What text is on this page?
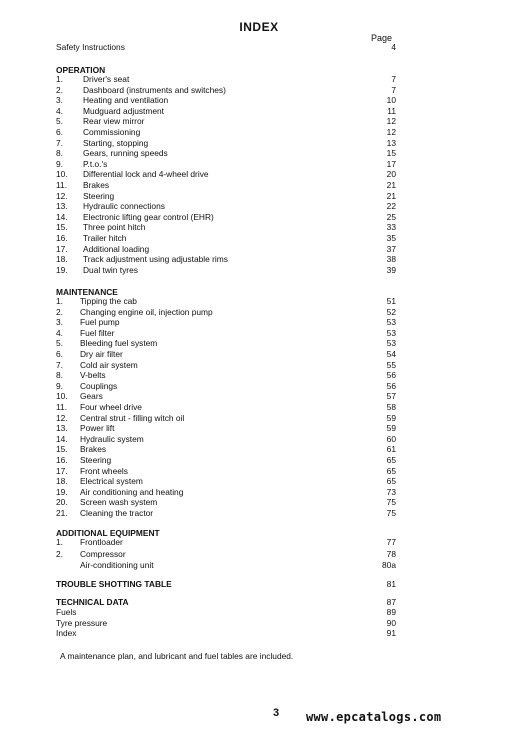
INDEX
Page
Safety Instructions	4
OPERATION
1. Driver's seat	7
2. Dashboard (instruments and switches)	7
3. Heating and ventilation	10
4. Mudguard adjustment	11
5. Rear view mirror	12
6. Commissioning	12
7. Starting, stopping	13
8. Gears, running speeds	15
9. P.t.o.'s	17
10. Differential lock and 4-wheel drive	20
11. Brakes	21
12. Steering	21
13. Hydraulic connections	22
14. Electronic lifting gear control (EHR)	25
15. Three point hitch	33
16. Trailer hitch	35
17. Additional loading	37
18. Track adjustment using adjustable rims	38
19. Dual twin tyres	39
MAINTENANCE
1. Tipping the cab	51
2. Changing engine oil, injection pump	52
3. Fuel pump	53
4. Fuel filter	53
5. Bleeding fuel system	53
6. Dry air filter	54
7. Cold air system	55
8. V-belts	56
9. Couplings	56
10. Gears	57
11. Four wheel drive	58
12. Central strut - filling witch oil	59
13. Power lift	59
14. Hydraulic system	60
15. Brakes	61
16. Steering	65
17. Front wheels	65
18. Electrical system	65
19. Air conditioning and heating	73
20. Screen wash system	75
21. Cleaning the tractor	75
ADDITIONAL EQUIPMENT
1. Frontloader	77
2. Compressor	78
Air-conditioning unit	80a
TROUBLE SHOTTING TABLE	81
TECHNICAL DATA	87
Fuels	89
Tyre pressure	90
Index	91
A maintenance plan, and lubricant and fuel tables are included.
3 www.epcatalogs.com
